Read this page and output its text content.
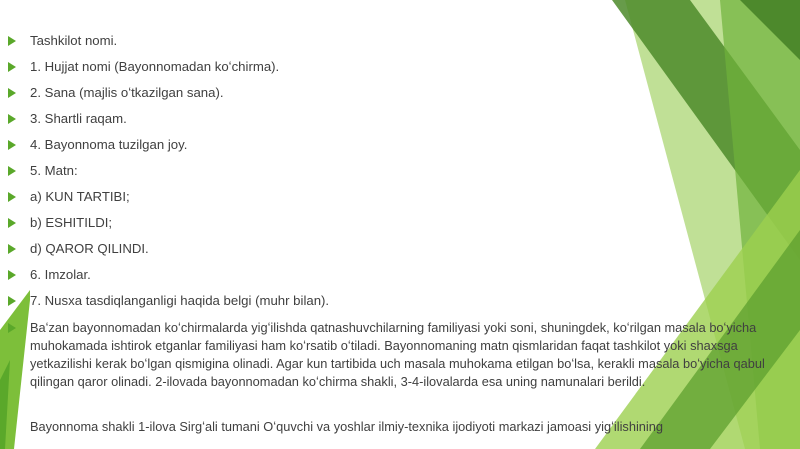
Tashkilot nomi.
1. Hujjat nomi (Bayonnomadan koʻchirma).
2. Sana (majlis oʻtkazilgan sana).
3. Shartli raqam.
4. Bayonnoma tuzilgan joy.
5. Matn:
a) KUN TARTIBI;
b) ESHITILDI;
d) QAROR QILINDI.
6. Imzolar.
7. Nusxa tasdiqlanganligi haqida belgi (muhr bilan).

Baʻzan bayonnomadan koʻchirmalarda yigʻilishda qatnashuvchilarning familiyasi yoki soni, shuningdek, koʻrilgan masala boʻyicha muhokamada ishtirok etganlar familiyasi ham koʻrsatib oʻtiladi. Bayonnomaning matn qismlaridan faqat tashkilot yoki shaxsga yetkazilishi kerak boʻlgan qismigina olinadi. Agar kun tartibida uch masala muhokama etilgan boʻlsa, kerakli masala boʻyicha qabul qilingan qaror olinadi. 2-ilovada bayonnomadan koʻchirma shakli, 3-4-ilovalarda esa uning namunalari berildi.

Bayonnoma shakli 1-ilova Sirgʻali tumani Oʻquvchi va yoshlar ilmiy-texnika ijodiyoti markazi jamoasi yigʻilishining
